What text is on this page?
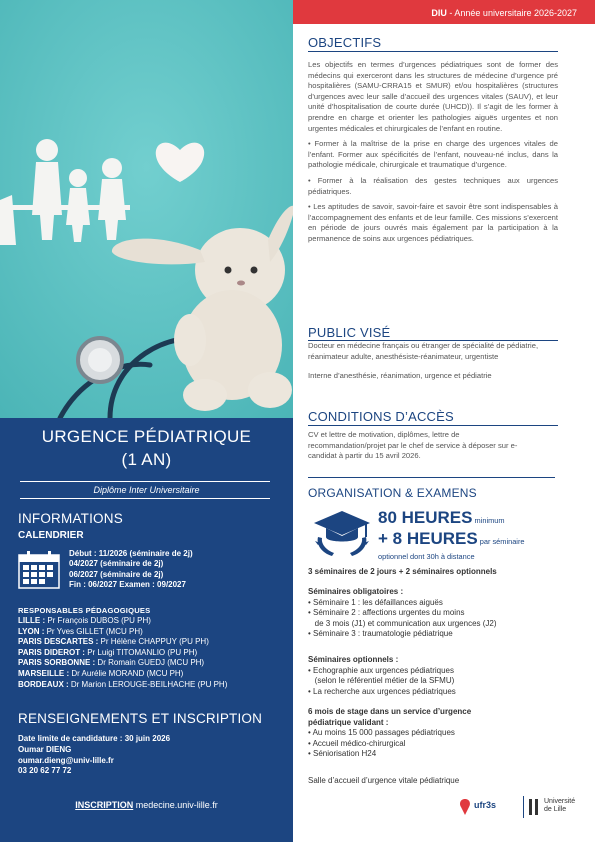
URGENCE PÉDIATRIQUE
(1 AN)
Diplôme Inter Universitaire
INFORMATIONS
CALENDRIER
Début : 11/2026 (séminaire de 2j)
04/2027 (séminaire de 2j)
06/2027 (séminaire de 2j)
Fin : 06/2027 Examen : 09/2027
RESPONSABLES PÉDAGOGIQUES
LILLE : Pr François DUBOS (PU PH)
LYON : Pr Yves GILLET (MCU PH)
PARIS DESCARTES : Pr Hélène CHAPPUY (PU PH)
PARIS DIDEROT : Pr Luigi TITOMANLIO (PU PH)
PARIS SORBONNE : Dr Romain GUEDJ (MCU PH)
MARSEILLE : Dr Aurélie MORAND (MCU PH)
BORDEAUX : Dr Marion LEROUGE-BEILHACHE (PU PH)
RENSEIGNEMENTS ET INSCRIPTION
Date limite de candidature : 30 juin 2026
Oumar DIENG
oumar.dieng@univ-lille.fr
03 20 62 77 72
INSCRIPTION medecine.univ-lille.fr
DIU - Année universitaire 2026-2027
OBJECTIFS

Les objectifs en termes d’urgences pédiatriques sont de former des médecins qui exerceront dans les structures de médecine d’urgence pré hospitalières (SAMU-CRRA15 et SMUR) et/ou hospitalières (structures d’urgences avec leur salle d’accueil des urgences vitales (SAUV), et leur unité d’hospitalisation de courte durée (UHCD)). Il s’agit de les former à prendre en charge et orienter les pathologies aiguës urgentes et non urgentes médicales et chirurgicales de l’enfant en routine.

• Former à la maîtrise de la prise en charge des urgences vitales de l’enfant. Former aux spécificités de l’enfant, nouveau-né inclus, dans la pathologie médicale, chirurgicale et traumatique d’urgence.

• Former à la réalisation des gestes techniques aux urgences pédiatriques.

• Les aptitudes de savoir, savoir-faire et savoir être sont indispensables à l’accompagnement des enfants et de leur famille. Ces missions s’exercent en période de jours ouvrés mais également par la participation à la permanence de soins aux urgences pédiatriques.

PUBLIC VISÉ

Docteur en médecine français ou étranger de spécialité de pédiatrie, réanimateur adulte, anesthésiste-réanimateur, urgentiste

Interne d’anesthésie, réanimation, urgence et pédiatrie

CONDITIONS D’ACCÈS
CV et lettre de motivation, diplômes, lettre de recommandation/projet par le chef de service à déposer sur e-candidat à partir du 15 avril 2026.
ORGANISATION & EXAMENS
80 HEURES minimum
+ 8 HEURES par séminaire
optionnel dont 30h à distance
3 séminaires de 2 jours + 2 séminaires optionnels
Séminaires obligatoires :
• Séminaire 1 : les défaillances aiguës
• Séminaire 2 : affections urgentes du moins
de 3 mois (J1) et communication aux urgences (J2)
• Séminaire 3 : traumatologie pédiatrique
Séminaires optionnels :
• Echographie aux urgences pédiatriques
(selon le référentiel métier de la SFMU)
• La recherche aux urgences pédiatriques
6 mois de stage dans un service d’urgence
pédiatrique validant :
• Au moins 15 000 passages pédiatriques
• Accueil médico-chirurgical
• Séniorisation H24
Salle d’accueil d’urgence vitale pédiatrique
ufr3s	Université
de Lille
